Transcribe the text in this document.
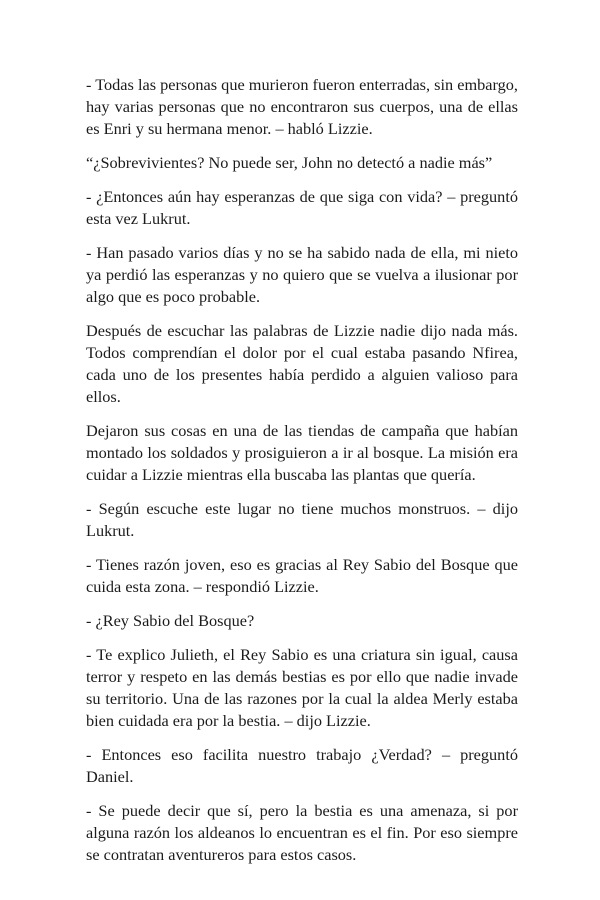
- Todas las personas que murieron fueron enterradas, sin embargo, hay varias personas que no encontraron sus cuerpos, una de ellas es Enri y su hermana menor. – habló Lizzie.

“¿Sobrevivientes? No puede ser, John no detectó a nadie más”

- ¿Entonces aún hay esperanzas de que siga con vida? – preguntó esta vez Lukrut.

- Han pasado varios días y no se ha sabido nada de ella, mi nieto ya perdió las esperanzas y no quiero que se vuelva a ilusionar por algo que es poco probable.

Después de escuchar las palabras de Lizzie nadie dijo nada más. Todos comprendían el dolor por el cual estaba pasando Nfirea, cada uno de los presentes había perdido a alguien valioso para ellos.

Dejaron sus cosas en una de las tiendas de campaña que habían montado los soldados y prosiguieron a ir al bosque. La misión era cuidar a Lizzie mientras ella buscaba las plantas que quería.

- Según escuche este lugar no tiene muchos monstruos. – dijo Lukrut.

- Tienes razón joven, eso es gracias al Rey Sabio del Bosque que cuida esta zona. – respondió Lizzie.

- ¿Rey Sabio del Bosque?

- Te explico Julieth, el Rey Sabio es una criatura sin igual, causa terror y respeto en las demás bestias es por ello que nadie invade su territorio. Una de las razones por la cual la aldea Merly estaba bien cuidada era por la bestia. – dijo Lizzie.

- Entonces eso facilita nuestro trabajo ¿Verdad? – preguntó Daniel.

- Se puede decir que sí, pero la bestia es una amenaza, si por alguna razón los aldeanos lo encuentran es el fin. Por eso siempre se contratan aventureros para estos casos.
